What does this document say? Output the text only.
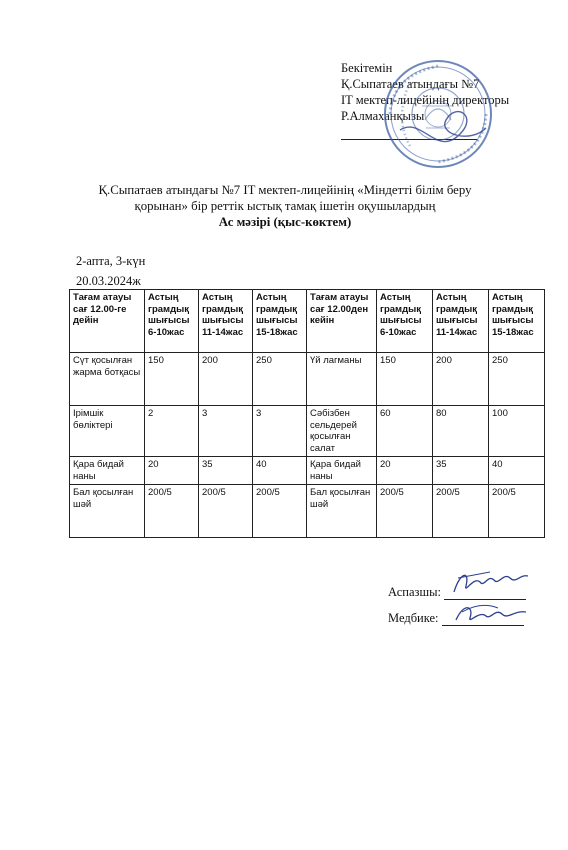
Бекітемін
Қ.Сыпатаев атындағы №7
IT мектеп-лицейінің директоры
Р.Алмаханқызы
Қ.Сыпатаев атындағы №7 IT мектеп-лицейінің «Міндетті білім беру
қорынан» бір реттік ыстық тамақ ішетін оқушылардың
Ас мәзірі (қыс-көктем)
2-апта, 3-күн
20.03.2024ж
Тағам атауы сағ 12.00-ге дейін	Астың грамдық шығысы 6-10жас	Астың грамдық шығысы 11-14жас	Астың грамдық шығысы 15-18жас	Тағам атауы сағ 12.00ден кейін	Астың грамдық шығысы 6-10жас	Астың грамдық шығысы 11-14жас	Астың грамдық шығысы 15-18жас
Сүт қосылған жарма ботқасы	150	200	250	Үй лагманы	150	200	250
Ірімшік бөліктері	2	3	3	Сәбізбен сельдерей қосылған салат	60	80	100
Қара бидай наны	20	35	40	Қара бидай наны	20	35	40
Бал қосылған шәй	200/5	200/5	200/5	Бал қосылған шәй	200/5	200/5	200/5
Аспазшы:
Медбике:
